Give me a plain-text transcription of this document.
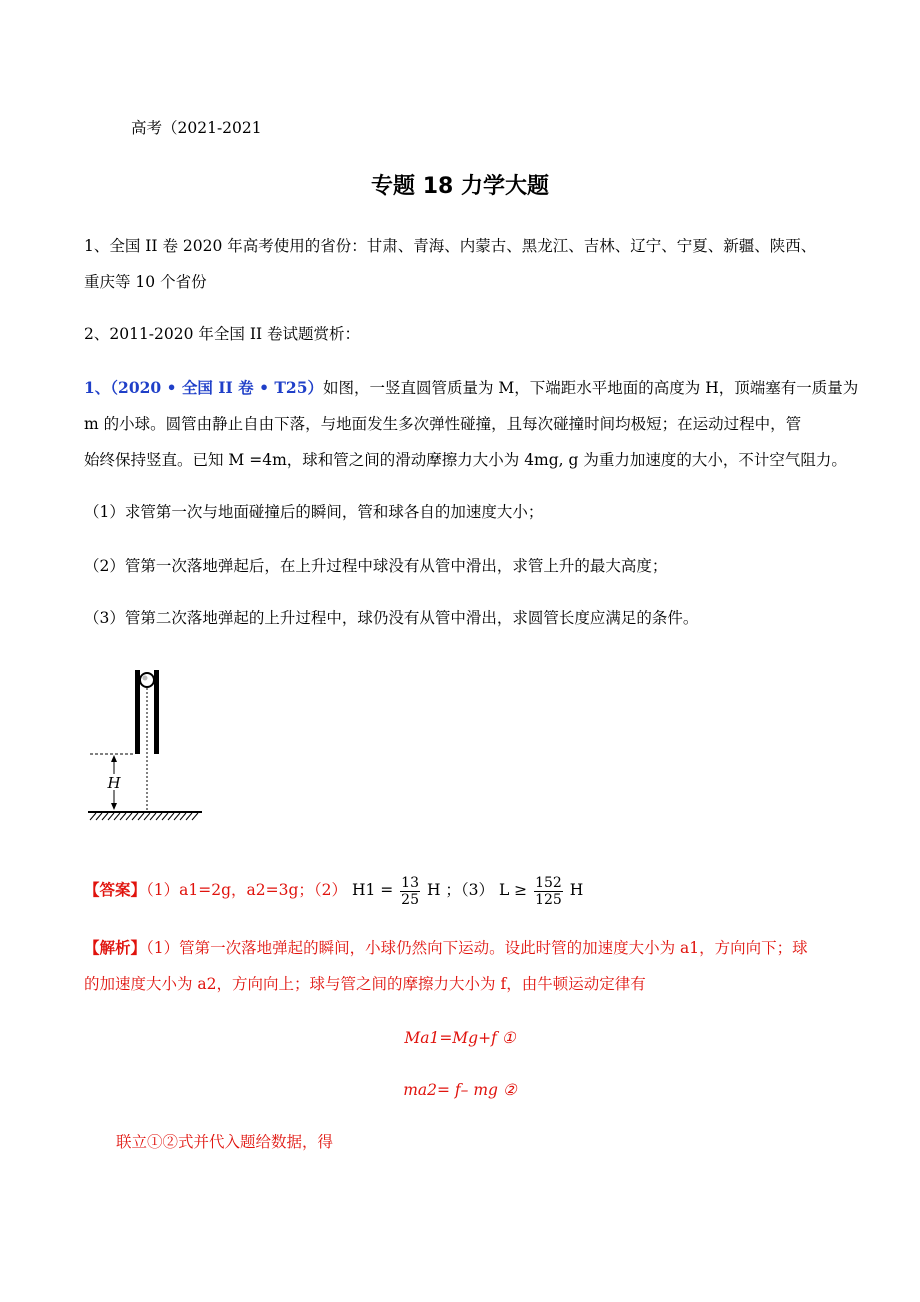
高考（2021-2021
专题 18 力学大题
1、全国 II 卷 2020 年高考使用的省份：甘肃、青海、内蒙古、黑龙江、吉林、辽宁、宁夏、新疆、陕西、
重庆等 10 个省份
2、2011-2020 年全国 II 卷试题赏析：
1、（2020 • 全国 II 卷 • T25）如图，一竖直圆管质量为 M，下端距水平地面的高度为 H，顶端塞有一质量为
m 的小球。圆管由静止自由下落，与地面发生多次弹性碰撞，且每次碰撞时间均极短；在运动过程中，管
始终保持竖直。已知 M =4m，球和管之间的滑动摩擦力大小为 4mg, g 为重力加速度的大小，不计空气阻力。
（1）求管第一次与地面碰撞后的瞬间，管和球各自的加速度大小；
（2）管第一次落地弹起后，在上升过程中球没有从管中滑出，求管上升的最大高度；
（3）管第二次落地弹起的上升过程中，球仍没有从管中滑出，求圆管长度应满足的条件。
H
【答案】（1）a1=2g，a2=3g；（2） $H1 = \frac{13}{25}$ H ；（3） $L \ge \frac{152}{125}$ H
【解析】（1）管第一次落地弹起的瞬间，小球仍然向下运动。设此时管的加速度大小为 a1，方向向下；球
的加速度大小为 a2，方向向上；球与管之间的摩擦力大小为 f，由牛顿运动定律有
Ma1=Mg+f ①
ma2= f– mg ②
联立①②式并代入题给数据，得
